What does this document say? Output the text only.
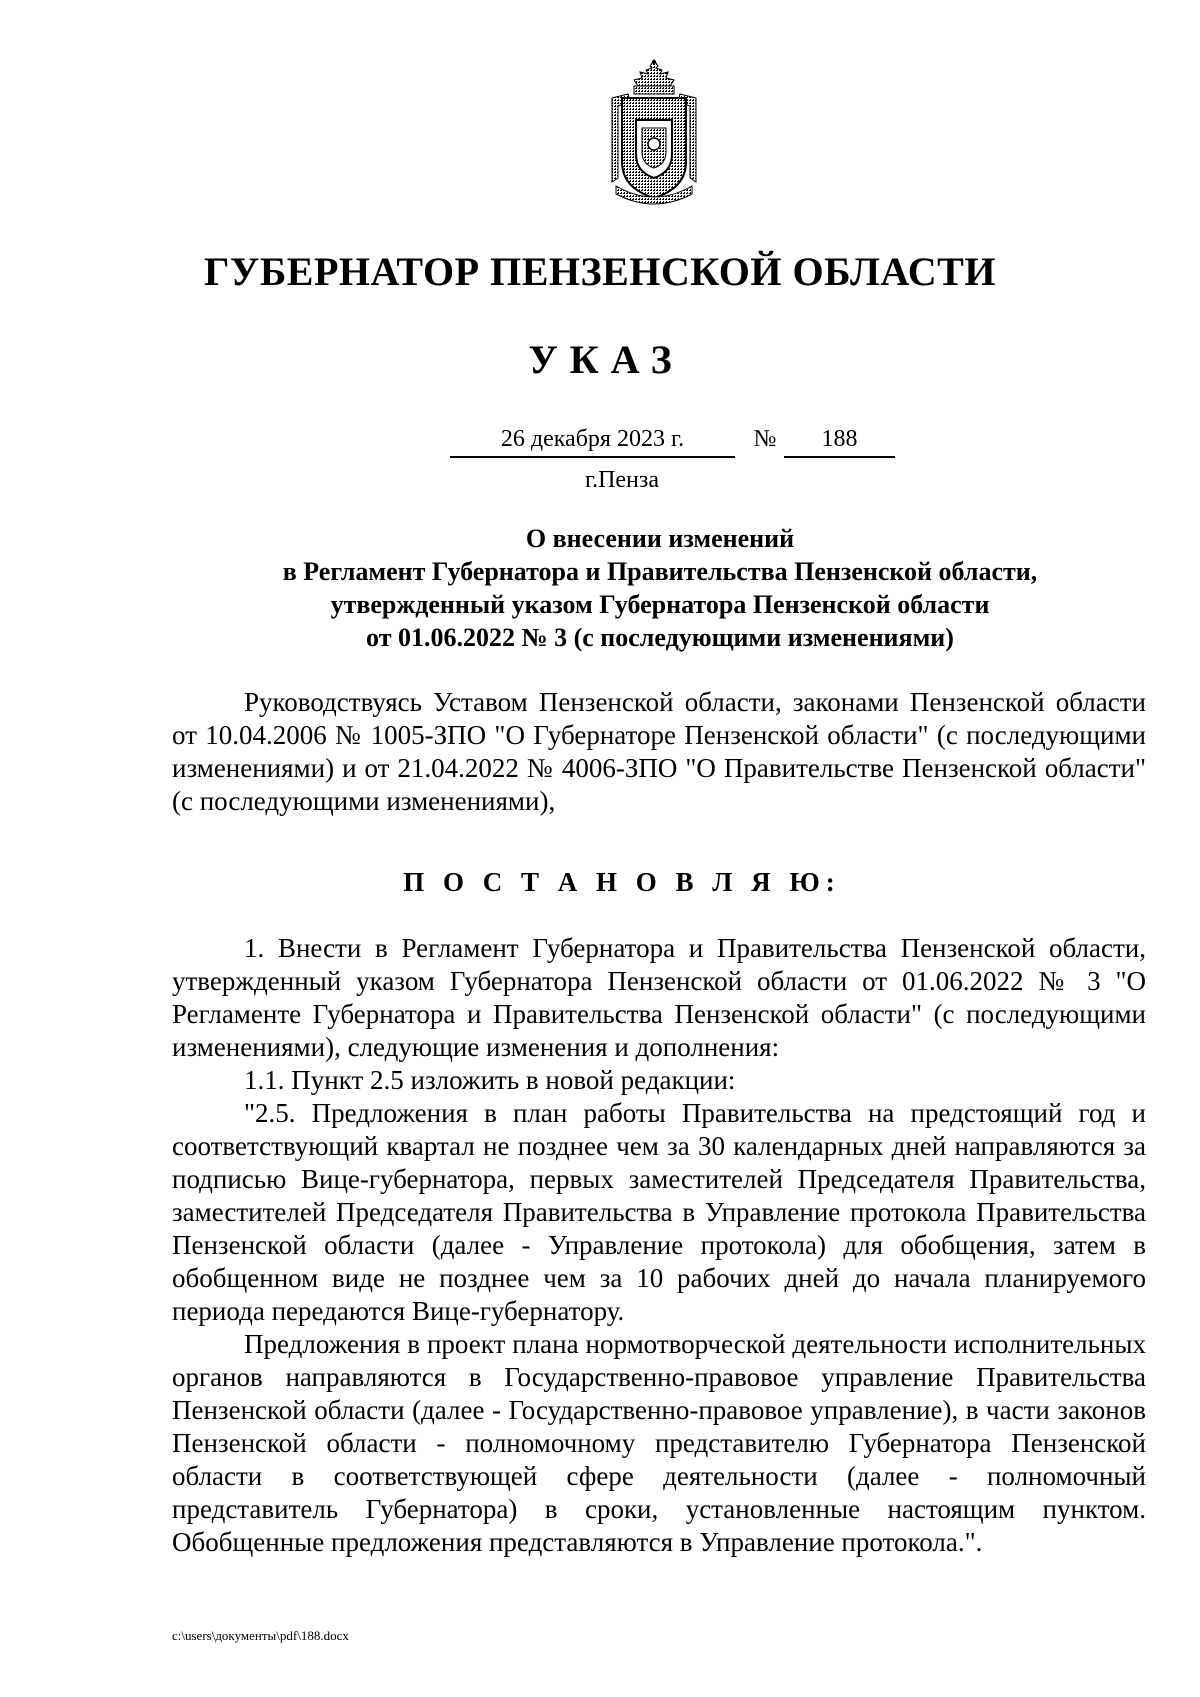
ГУБЕРНАТОР ПЕНЗЕНСКОЙ ОБЛАСТИ
УКАЗ
26 декабря 2023 г.	№	188

г.Пенза

О внесении изменений
в Регламент Губернатора и Правительства Пензенской области,
утвержденный указом Губернатора Пензенской области
от 01.06.2022 № 3 (с последующими изменениями)

Руководствуясь Уставом Пензенской области, законами Пензенской области от 10.04.2006 № 1005-ЗПО "О Губернаторе Пензенской области" (с последующими изменениями) и от 21.04.2022 № 4006-ЗПО "О Правительстве Пензенской области" (с последующими изменениями),

П О С Т А Н О В Л Я Ю:

1. Внести в Регламент Губернатора и Правительства Пензенской области, утвержденный указом Губернатора Пензенской области от 01.06.2022 № 3 "О Регламенте Губернатора и Правительства Пензенской области" (с последующими изменениями), следующие изменения и дополнения:

1.1. Пункт 2.5 изложить в новой редакции:

"2.5. Предложения в план работы Правительства на предстоящий год и соответствующий квартал не позднее чем за 30 календарных дней направляются за подписью Вице-губернатора, первых заместителей Председателя Правительства, заместителей Председателя Правительства в Управление протокола Правительства Пензенской области (далее - Управление протокола) для обобщения, затем в обобщенном виде не позднее чем за 10 рабочих дней до начала планируемого периода передаются Вице-губернатору.

Предложения в проект плана нормотворческой деятельности исполнительных органов направляются в Государственно-правовое управление Правительства Пензенской области (далее - Государственно-правовое управление), в части законов Пензенской области - полномочному представителю Губернатора Пензенской области в соответствующей сфере деятельности (далее - полномочный представитель Губернатора) в сроки, установленные настоящим пунктом. Обобщенные предложения представляются в Управление протокола.".

c:\users\документы\pdf\188.docx
